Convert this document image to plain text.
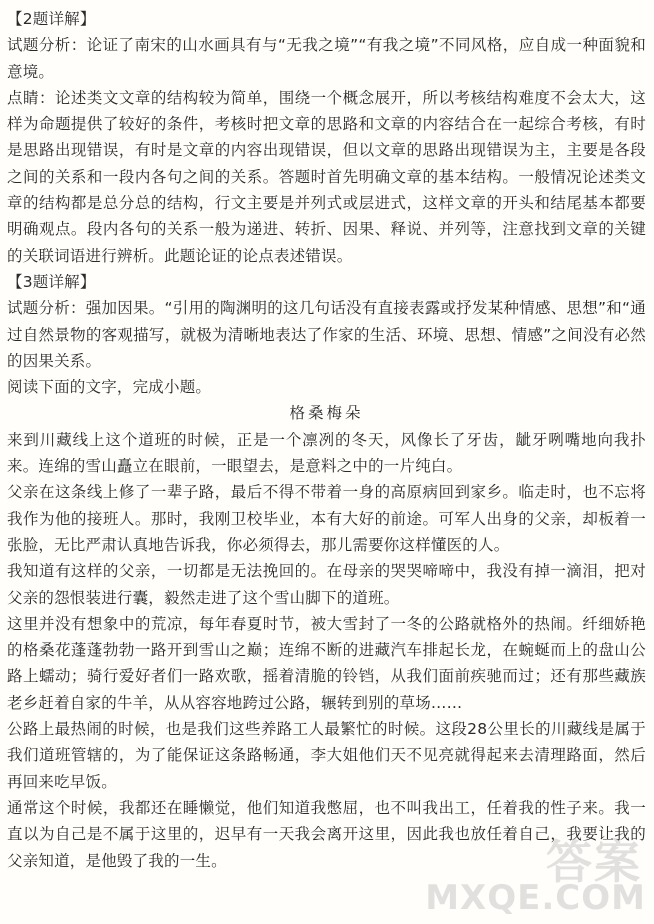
【2题详解】

试题分析：论证了南宋的山水画具有与“无我之境”“有我之境”不同风格，应自成一种面貌和意境。

点睛：论述类文文章的结构较为简单，围绕一个概念展开，所以考核结构难度不会太大，这样为命题提供了较好的条件，考核时把文章的思路和文章的内容结合在一起综合考核，有时是思路出现错误，有时是文章的内容出现错误，但以文章的思路出现错误为主，主要是各段之间的关系和一段内各句之间的关系。答题时首先明确文章的基本结构。一般情况论述类文章的结构都是总分总的结构，行文主要是并列式或层进式，这样文章的开头和结尾基本都要明确观点。段内各句的关系一般为递进、转折、因果、释说、并列等，注意找到文章的关键的关联词语进行辨析。此题论证的论点表述错误。

【3题详解】

试题分析：强加因果。“引用的陶渊明的这几句话没有直接表露或抒发某种情感、思想”和“通过自然景物的客观描写，就极为清晰地表达了作家的生活、环境、思想、情感”之间没有必然的因果关系。

阅读下面的文字，完成小题。

格桑梅朵

来到川藏线上这个道班的时候，正是一个凛冽的冬天，风像长了牙齿，龇牙咧嘴地向我扑来。连绵的雪山矗立在眼前，一眼望去，是意料之中的一片纯白。

父亲在这条线上修了一辈子路，最后不得不带着一身的高原病回到家乡。临走时，也不忘将我作为他的接班人。那时，我刚卫校毕业，本有大好的前途。可军人出身的父亲，却板着一张脸，无比严肃认真地告诉我，你必须得去，那儿需要你这样懂医的人。

我知道有这样的父亲，一切都是无法挽回的。在母亲的哭哭啼啼中，我没有掉一滴泪，把对父亲的怨恨装进行囊，毅然走进了这个雪山脚下的道班。

这里并没有想象中的荒凉，每年春夏时节，被大雪封了一冬的公路就格外的热闹。纤细娇艳的格桑花蓬蓬勃勃一路开到雪山之巅；连绵不断的进藏汽车排起长龙，在蜿蜒而上的盘山公路上蠕动；骑行爱好者们一路欢歌，摇着清脆的铃铛，从我们面前疾驰而过；还有那些藏族老乡赶着自家的牛羊，从从容容地跨过公路，辗转到别的草场……

公路上最热闹的时候，也是我们这些养路工人最繁忙的时候。这段28公里长的川藏线是属于我们道班管辖的，为了能保证这条路畅通，李大姐他们天不见亮就得起来去清理路面，然后再回来吃早饭。

通常这个时候，我都还在睡懒觉，他们知道我憋屈，也不叫我出工，任着我的性子来。我一直以为自己是不属于这里的，迟早有一天我会离开这里，因此我也放任着自己，我要让我的父亲知道，是他毁了我的一生。	答案
MXQE.COM
